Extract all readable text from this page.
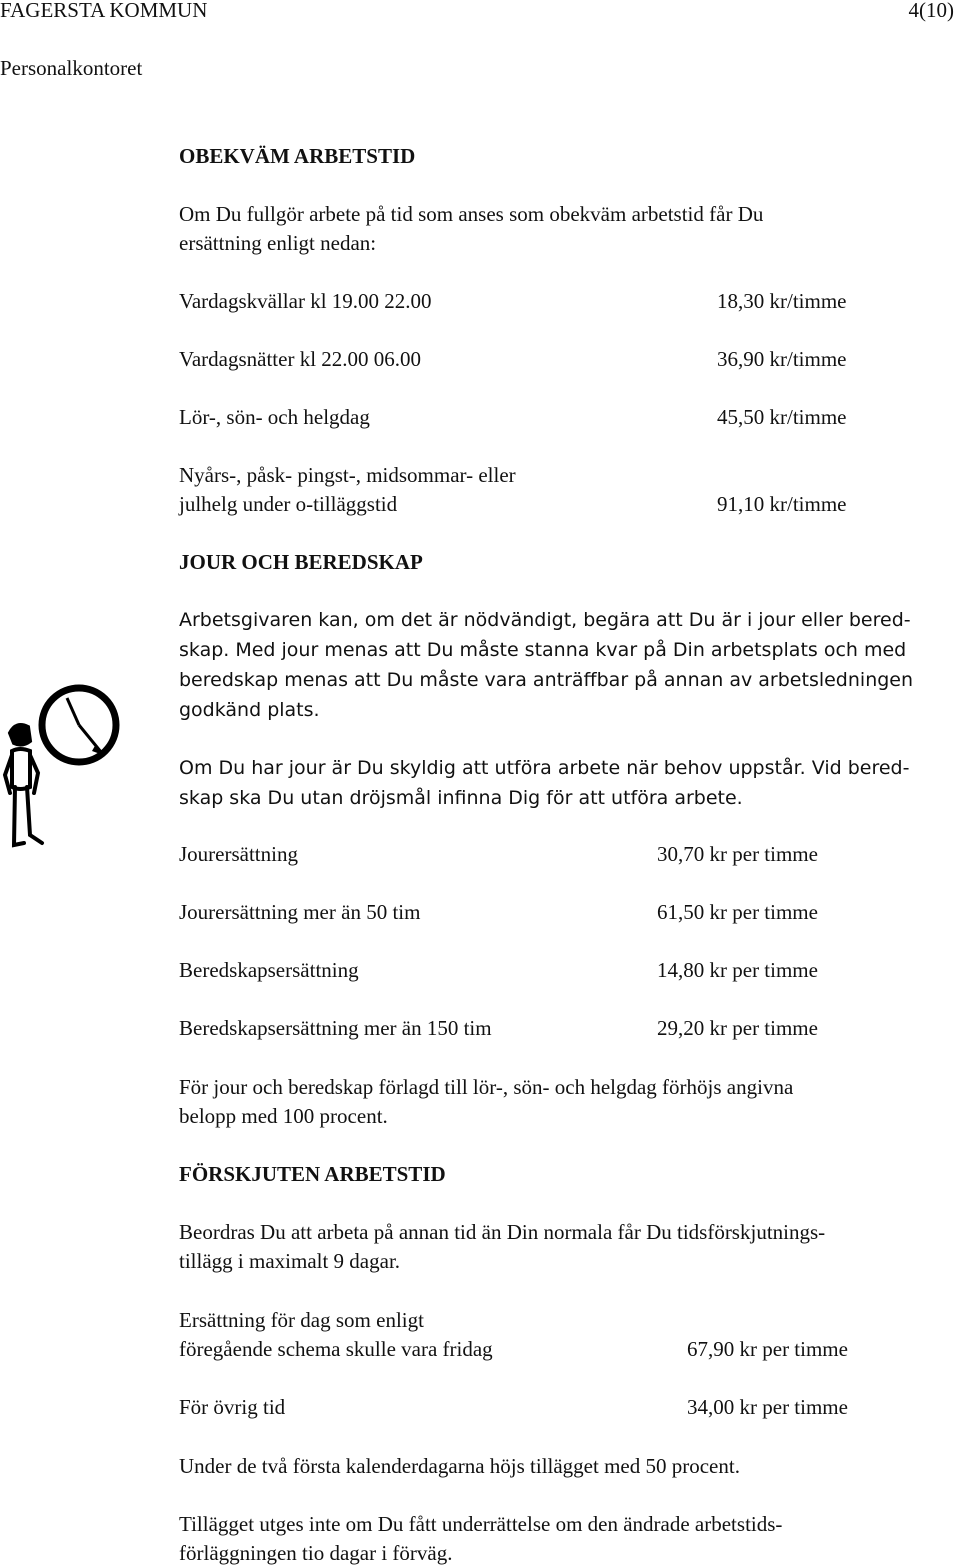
FAGERSTA KOMMUN	4(10)
Personalkontoret
OBEKVÄM ARBETSTID
Om Du fullgör arbete på tid som anses som obekväm arbetstid får Du
ersättning enligt nedan:
Vardagskvällar kl 19.00 22.00	18,30 kr/timme
Vardagsnätter kl 22.00 06.00	36,90 kr/timme
Lör-, sön- och helgdag	45,50 kr/timme
Nyårs-, påsk- pingst-, midsommar- eller
julhelg under o-tilläggstid	91,10 kr/timme
JOUR OCH BEREDSKAP
Arbetsgivaren kan, om det är nödvändigt, begära att Du är i jour eller bered-
skap. Med jour menas att Du måste stanna kvar på Din arbetsplats och med
beredskap menas att Du måste vara anträffbar på annan av arbetsledningen
godkänd plats.
Om Du har jour är Du skyldig att utföra arbete när behov uppstår. Vid bered-
skap ska Du utan dröjsmål infinna Dig för att utföra arbete.
Jourersättning	30,70 kr per timme
Jourersättning mer än 50 tim	61,50 kr per timme
Beredskapsersättning	14,80 kr per timme
Beredskapsersättning mer än 150 tim	29,20 kr per timme
För jour och beredskap förlagd till lör-, sön- och helgdag förhöjs angivna
belopp med 100 procent.
FÖRSKJUTEN ARBETSTID
Beordras Du att arbeta på annan tid än Din normala får Du tidsförskjutnings-
tillägg i maximalt 9 dagar.
Ersättning för dag som enligt
föregående schema skulle vara fridag	67,90 kr per timme
För övrig tid	34,00 kr per timme
Under de två första kalenderdagarna höjs tillägget med 50 procent.
Tillägget utges inte om Du fått underrättelse om den ändrade arbetstids-
förläggningen tio dagar i förväg.
